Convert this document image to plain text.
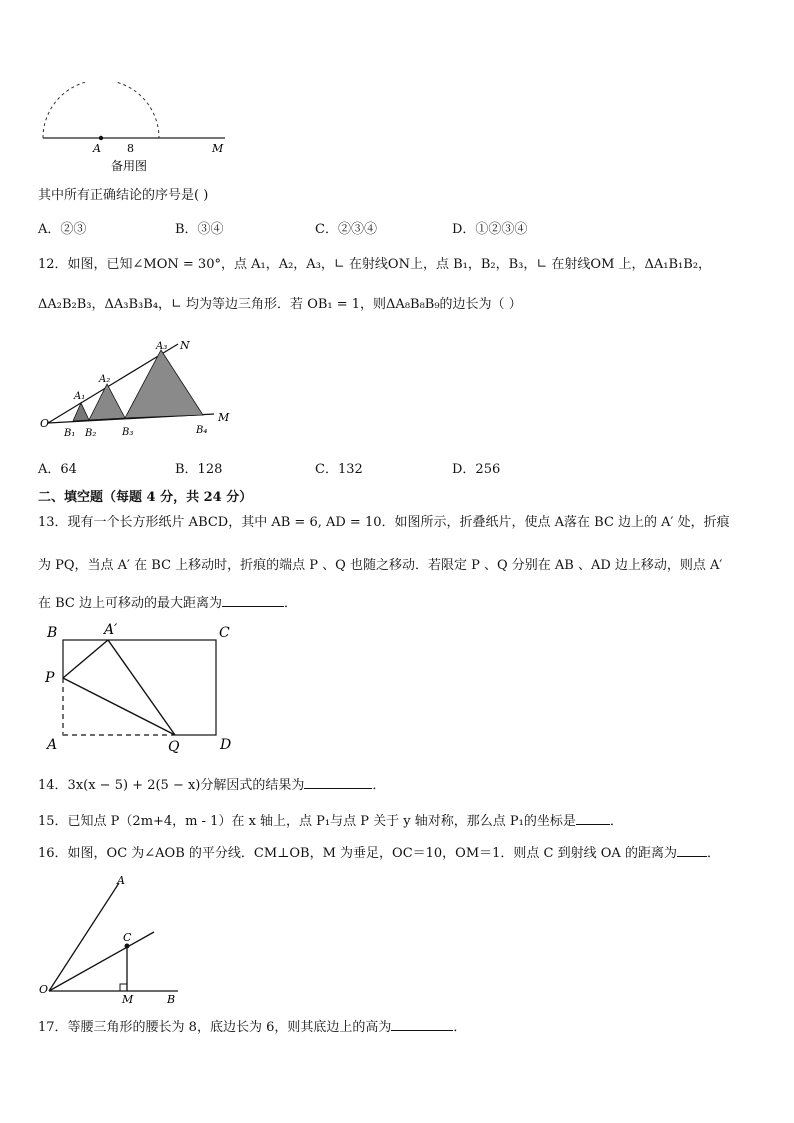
A 8	M
备用图
其中所有正确结论的序号是( )
A．②③	B．③④	C．②③④	D．①②③④
12．如图，已知∠MON = 30°，点 A₁，A₂，A₃，∟ 在射线ON上，点 B₁，B₂，B₃，∟ 在射线OM 上，ΔA₁B₁B₂，
ΔA₂B₂B₃，ΔA₃B₃B₄，∟ 均为等边三角形．若 OB₁ = 1，则ΔA₈B₈B₉的边长为（ ）
O
N
M
A₁
A₂
A₃
B₁ B₂	B₃	B₄
A．64	B．128	C．132	D．256
二、填空题（每题 4 分，共 24 分）
13．现有一个长方形纸片 ABCD，其中 AB = 6, AD = 10．如图所示，折叠纸片，使点 A落在 BC 边上的 A′ 处，折痕
为 PQ，当点 A′ 在 BC 上移动时，折痕的端点 P 、Q 也随之移动．若限定 P 、Q 分别在 AB 、AD 边上移动，则点 A′
在 BC 边上可移动的最大距离为	．
B	A′	C
P
A	Q	D
14．3x(x − 5) + 2(5 − x)分解因式的结果为	．
15．已知点 P（2m+4，m - 1）在 x 轴上，点 P₁与点 P 关于 y 轴对称，那么点 P₁的坐标是	．
16．如图，OC 为∠AOB 的平分线．CM⊥OB，M 为垂足，OC＝10，OM＝1．则点 C 到射线 OA 的距离为 ．
A
C
O
M	B
17．等腰三角形的腰长为 8，底边长为 6，则其底边上的高为	．
